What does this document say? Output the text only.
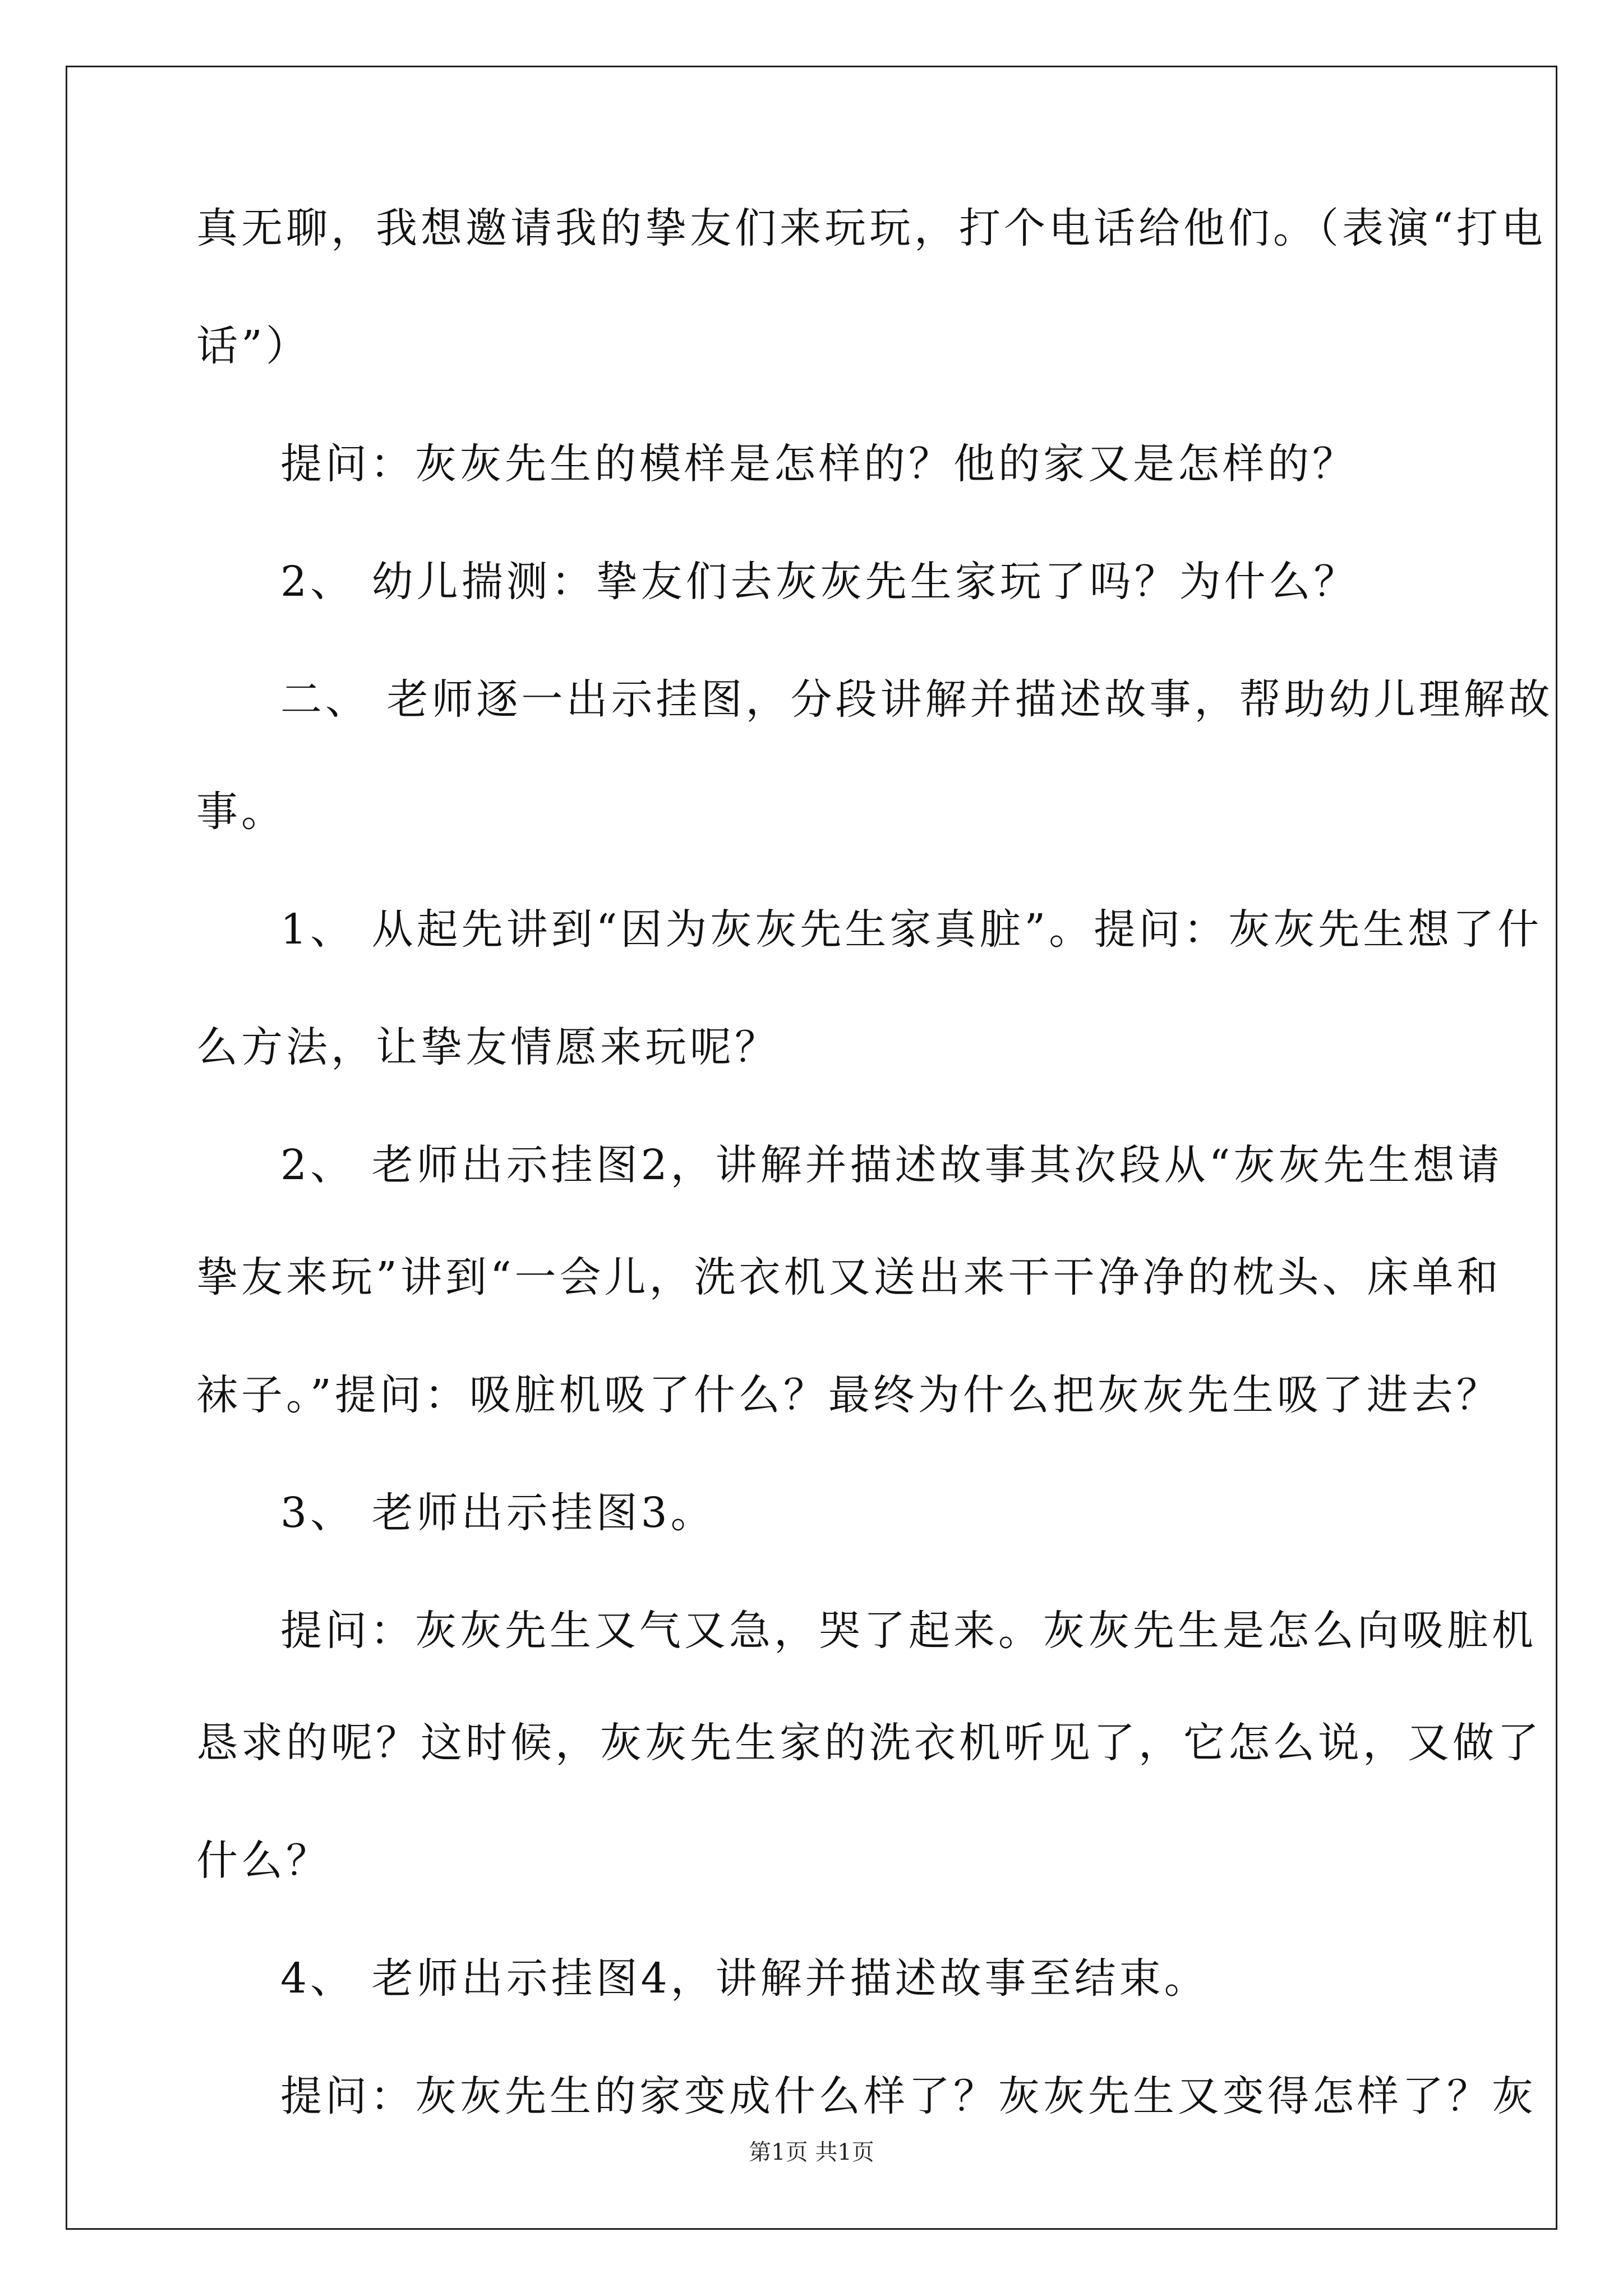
真无聊，我想邀请我的挚友们来玩玩，打个电话给他们。（表演“打电
话”）
提问：灰灰先生的模样是怎样的？他的家又是怎样的？
2、 幼儿揣测：挚友们去灰灰先生家玩了吗？为什么？
二、 老师逐一出示挂图，分段讲解并描述故事，帮助幼儿理解故
事。
1、 从起先讲到“因为灰灰先生家真脏”。提问：灰灰先生想了什
么方法，让挚友情愿来玩呢？
2、 老师出示挂图2，讲解并描述故事其次段从“灰灰先生想请
挚友来玩”讲到“一会儿，洗衣机又送出来干干净净的枕头、床单和
袜子。”提问：吸脏机吸了什么？最终为什么把灰灰先生吸了进去？
3、 老师出示挂图3。
提问：灰灰先生又气又急，哭了起来。灰灰先生是怎么向吸脏机
恳求的呢？这时候，灰灰先生家的洗衣机听见了，它怎么说，又做了
什么？
4、 老师出示挂图4，讲解并描述故事至结束。
提问：灰灰先生的家变成什么样了？灰灰先生又变得怎样了？灰
第1页 共1页
